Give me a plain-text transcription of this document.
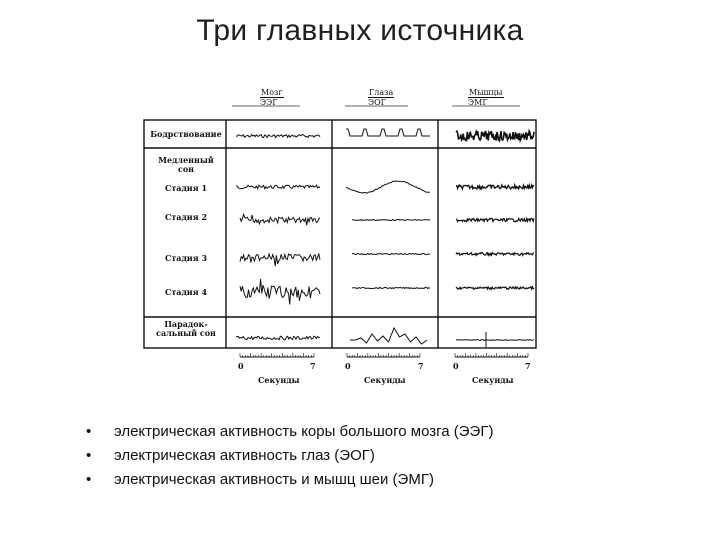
Три главных источника
Мозг
ЭЭГ
Глаза
ЭОГ
Мышцы
ЭМГ
Бодрствование
Медленный сон
Стадия 1
Стадия 2
Стадия 3
Стадия 4
Парадок-сальный сон
0	7
Секунды
0	7
Секунды
0	7
Секунды
• электрическая активность коры большого мозга (ЭЭГ)
• электрическая активность глаз (ЭОГ)
• электрическая активность и мышц шеи (ЭМГ)
